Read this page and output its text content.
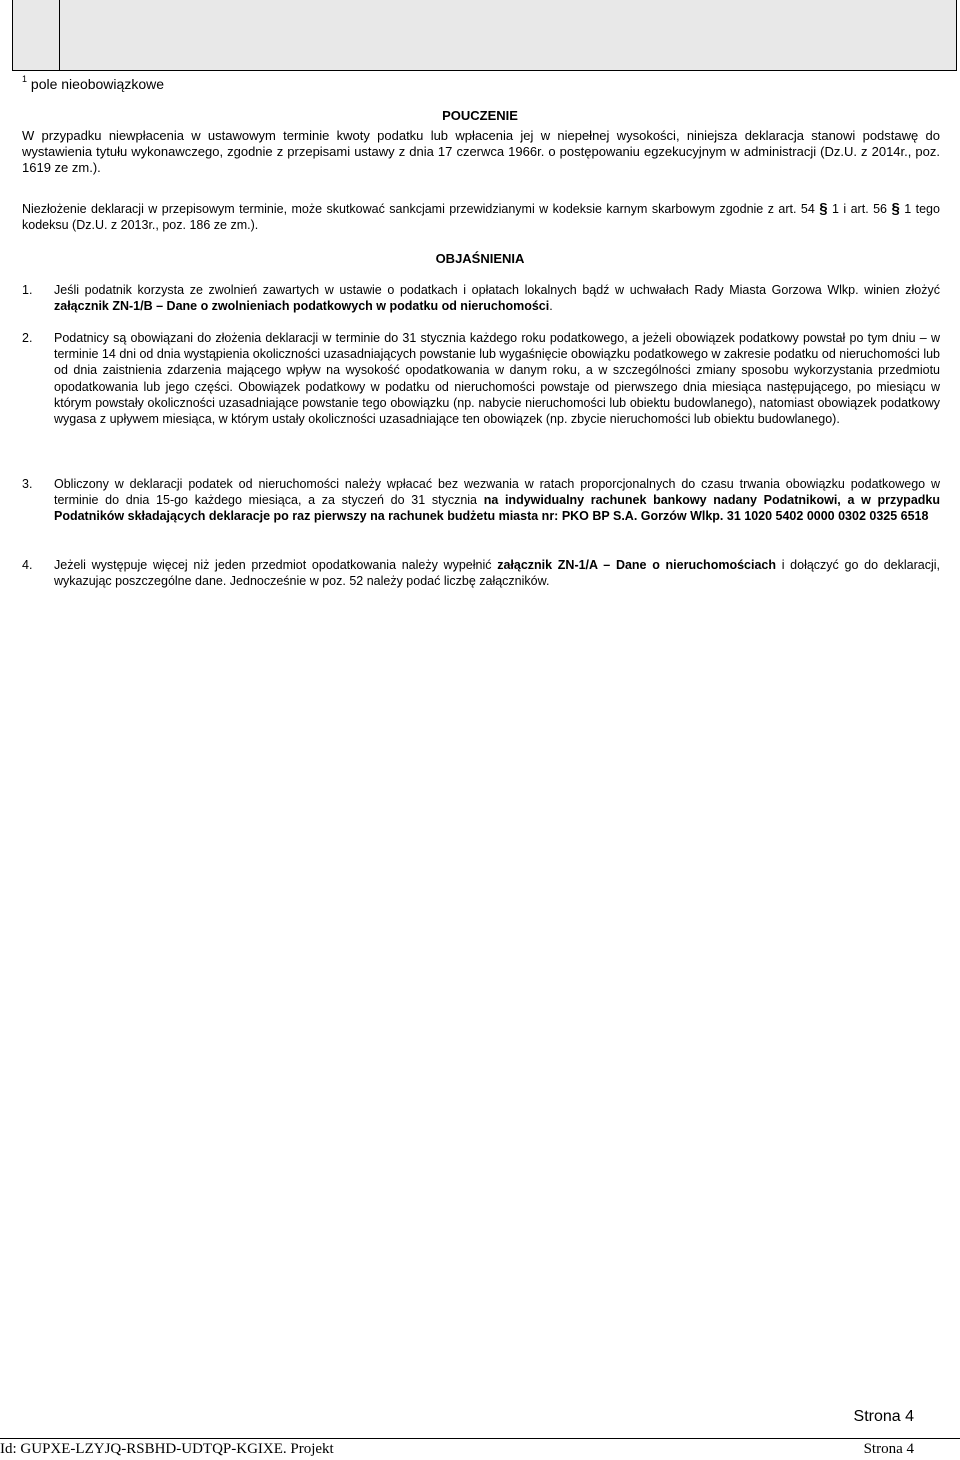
$^1$ pole nieobowiązkowe
POUCZENIE
W przypadku niewpłacenia w ustawowym terminie kwoty podatku lub wpłacenia jej w niepełnej wysokości, niniejsza deklaracja stanowi podstawę do wystawienia tytułu wykonawczego, zgodnie z przepisami ustawy z dnia 17 czerwca 1966r. o postępowaniu egzekucyjnym w administracji (Dz.U. z 2014r., poz. 1619 ze zm.).
Niezłożenie deklaracji w przepisowym terminie, może skutkować sankcjami przewidzianymi w kodeksie karnym skarbowym zgodnie z art. 54 § 1 i art. 56 § 1 tego kodeksu (Dz.U. z 2013r., poz. 186 ze zm.).
OBJAŚNIENIA
1.	Jeśli podatnik korzysta ze zwolnień zawartych w ustawie o podatkach i opłatach lokalnych bądź w uchwałach Rady Miasta Gorzowa Wlkp. winien złożyć załącznik ZN-1/B – Dane o zwolnieniach podatkowych w podatku od nieruchomości.
2.	Podatnicy są obowiązani do złożenia deklaracji w terminie do 31 stycznia każdego roku podatkowego, a jeżeli obowiązek podatkowy powstał po tym dniu – w terminie 14 dni od dnia wystąpienia okoliczności uzasadniających powstanie lub wygaśnięcie obowiązku podatkowego w zakresie podatku od nieruchomości lub od dnia zaistnienia zdarzenia mającego wpływ na wysokość opodatkowania w danym roku, a w szczególności zmiany sposobu wykorzystania przedmiotu opodatkowania lub jego części. Obowiązek podatkowy w podatku od nieruchomości powstaje od pierwszego dnia miesiąca następującego, po miesiącu w którym powstały okoliczności uzasadniające powstanie tego obowiązku (np. nabycie nieruchomości lub obiektu budowlanego), natomiast obowiązek podatkowy wygasa z upływem miesiąca, w którym ustały okoliczności uzasadniające ten obowiązek (np. zbycie nieruchomości lub obiektu budowlanego).
3.	Obliczony w deklaracji podatek od nieruchomości należy wpłacać bez wezwania w ratach proporcjonalnych do czasu trwania obowiązku podatkowego w terminie do dnia 15-go każdego miesiąca, a za styczeń do 31 stycznia na indywidualny rachunek bankowy nadany Podatnikowi, a w przypadku Podatników składających deklaracje po raz pierwszy na rachunek budżetu miasta nr: PKO BP S.A. Gorzów Wlkp. 31 1020 5402 0000 0302 0325 6518
4.	Jeżeli występuje więcej niż jeden przedmiot opodatkowania należy wypełnić załącznik ZN-1/A – Dane o nieruchomościach i dołączyć go do deklaracji, wykazując poszczególne dane. Jednocześnie w poz. 52 należy podać liczbę załączników.
Strona 4
Id: GUPXE-LZYJQ-RSBHD-UDTQP-KGIXE. Projekt	Strona 4
